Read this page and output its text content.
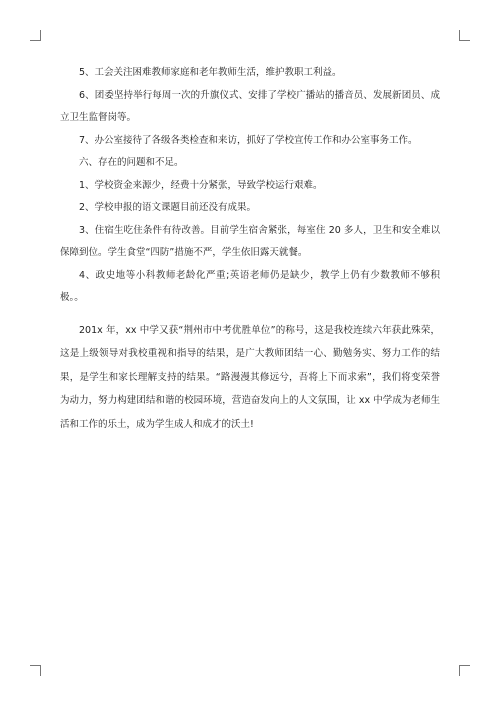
5、工会关注困难教师家庭和老年教师生活，维护教职工利益。

6、团委坚持举行每周一次的升旗仪式、安排了学校广播站的播音员、发展新团员、成立卫生监督岗等。

7、办公室接待了各级各类检查和来访，抓好了学校宣传工作和办公室事务工作。

六、存在的问题和不足。

1、学校资金来源少，经费十分紧张，导致学校运行艰难。

2、学校申报的语文课题目前还没有成果。

3、住宿生吃住条件有待改善。目前学生宿舍紧张，每室住 20 多人，卫生和安全难以保障到位。学生食堂“四防”措施不严，学生依旧露天就餐。

4、政史地等小科教师老龄化严重;英语老师仍是缺少，教学上仍有少数教师不够积极。。

201x 年，xx 中学又获“荆州市中考优胜单位”的称号，这是我校连续六年获此殊荣，这是上级领导对我校重视和指导的结果，是广大教师团结一心、勤勉务实、努力工作的结果，是学生和家长理解支持的结果。“路漫漫其修远兮，吾将上下而求索”，我们将变荣誉为动力，努力构建团结和谐的校园环境，营造奋发向上的人文氛围，让 xx 中学成为老师生活和工作的乐土，成为学生成人和成才的沃土!
